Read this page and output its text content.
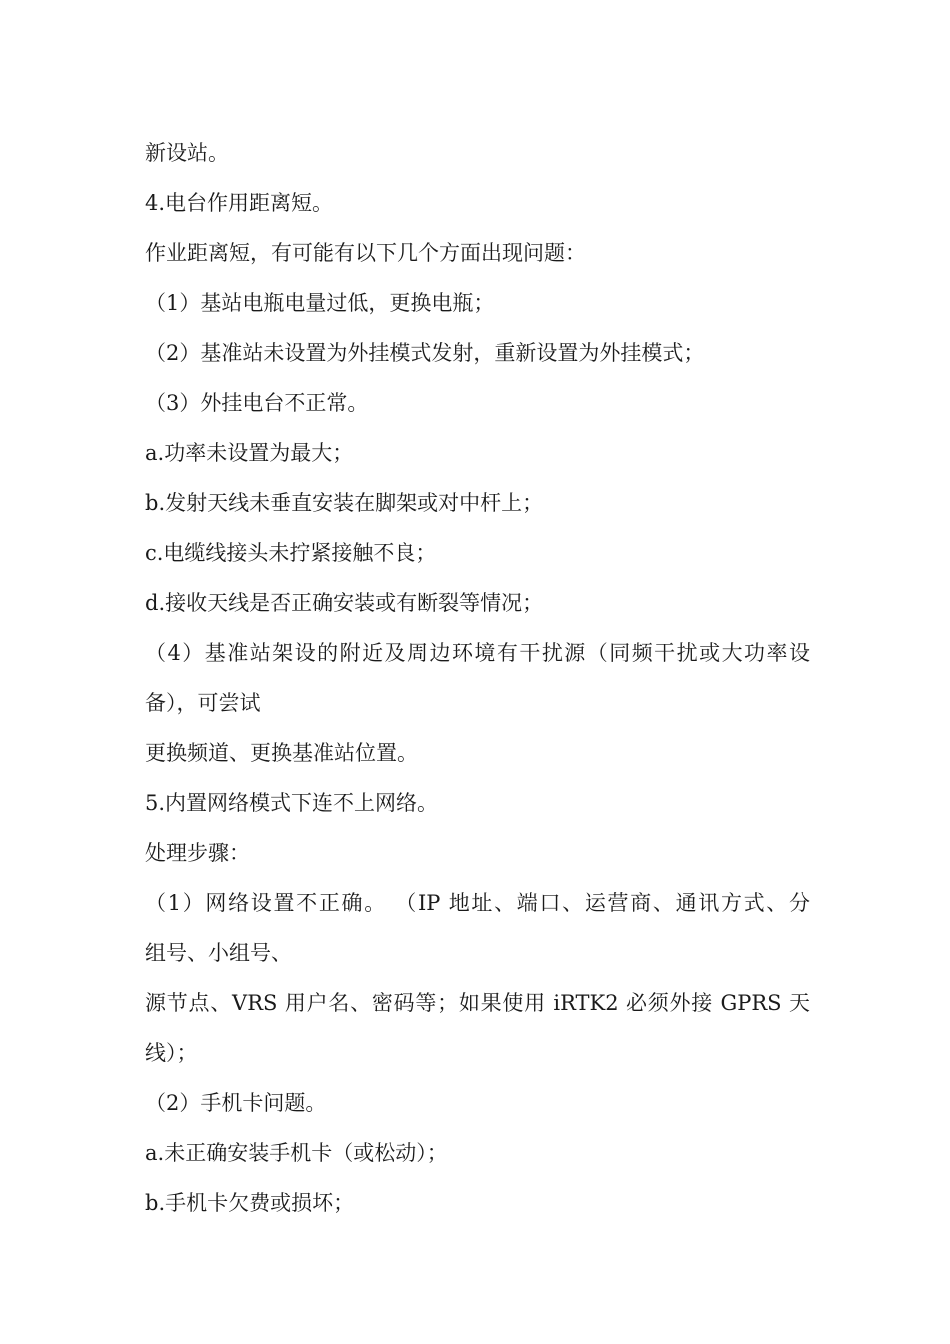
新设站。
4.电台作用距离短。
作业距离短，有可能有以下几个方面出现问题：
（1）基站电瓶电量过低，更换电瓶；
（2）基准站未设置为外挂模式发射，重新设置为外挂模式；
（3）外挂电台不正常。
a.功率未设置为最大；
b.发射天线未垂直安装在脚架或对中杆上；
c.电缆线接头未拧紧接触不良；
d.接收天线是否正确安装或有断裂等情况；
（4）基准站架设的附近及周边环境有干扰源（同频干扰或大功率设
备），可尝试
更换频道、更换基准站位置。
5.内置网络模式下连不上网络。
处理步骤：
（1）网络设置不正确。 （IP 地址、端口、运营商、通讯方式、分
组号、小组号、
源节点、VRS 用户名、密码等；如果使用 iRTK2 必须外接 GPRS 天
线）；
（2）手机卡问题。
a.未正确安装手机卡（或松动）；
b.手机卡欠费或损坏；
